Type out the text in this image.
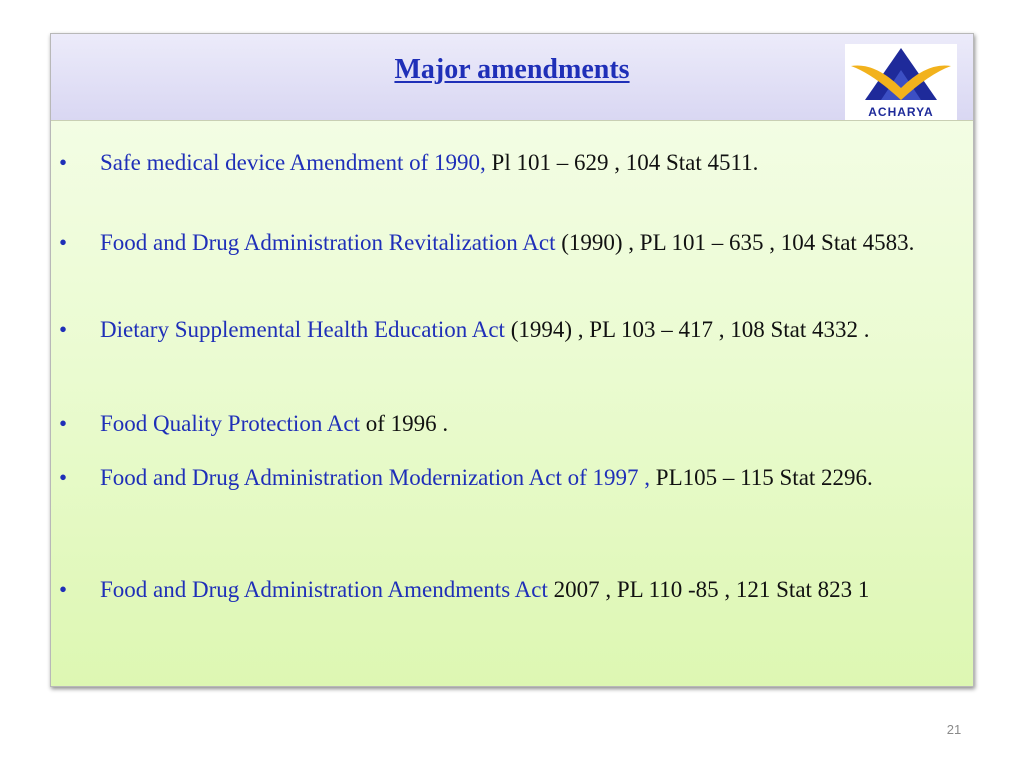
Major amendments
ACHARYA
• Safe medical device Amendment of 1990, Pl 101 – 629 , 104 Stat 4511.
• Food and Drug Administration Revitalization Act (1990) , PL 101 – 635 , 104 Stat 4583.
• Dietary Supplemental Health Education Act (1994) , PL 103 – 417 , 108 Stat 4332 .
• Food Quality Protection Act of 1996 .
• Food and Drug Administration Modernization Act of 1997 , PL105 – 115 Stat 2296.
• Food and Drug Administration Amendments Act 2007 , PL 110 -85 , 121 Stat 823 1
21
